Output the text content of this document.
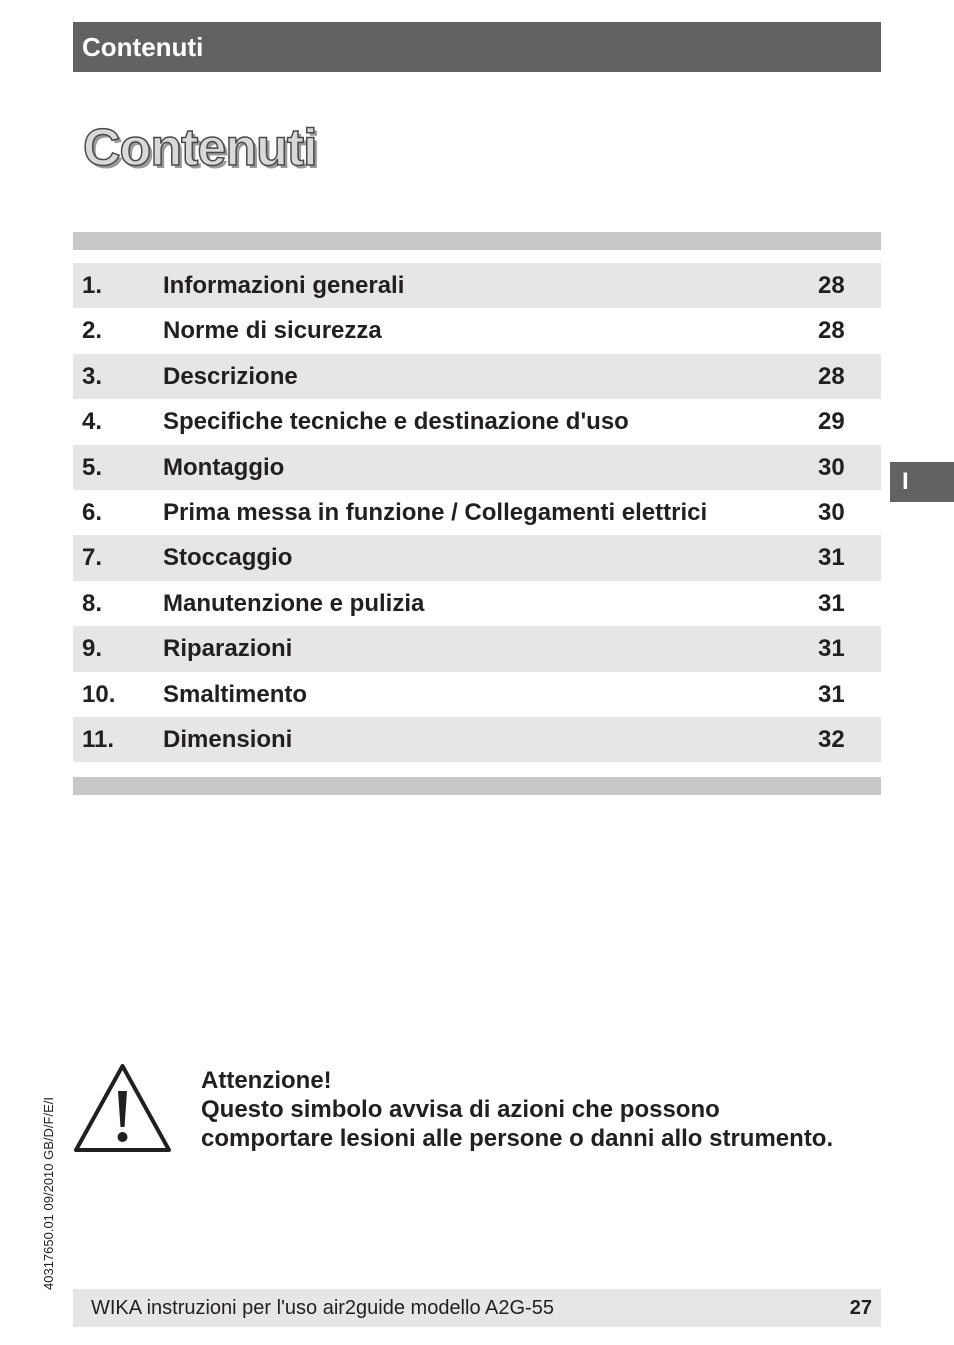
Contenuti
Contenuti
1.	Informazioni generali	28
2.	Norme di sicurezza	28
3.	Descrizione	28
4.	Specifiche tecniche e destinazione d'uso	29
5.	Montaggio	30
6.	Prima messa in funzione / Collegamenti elettrici	30
7.	Stoccaggio	31
8.	Manutenzione e pulizia	31
9.	Riparazioni	31
10. Smaltimento	31
11. Dimensioni	32
I
Attenzione!
Questo simbolo avvisa di azioni che possono
comportare lesioni alle persone o danni allo strumento.
40317650.01 09/2010 GB/D/F/E/I
WIKA instruzioni per l'uso air2guide modello A2G-55	27
